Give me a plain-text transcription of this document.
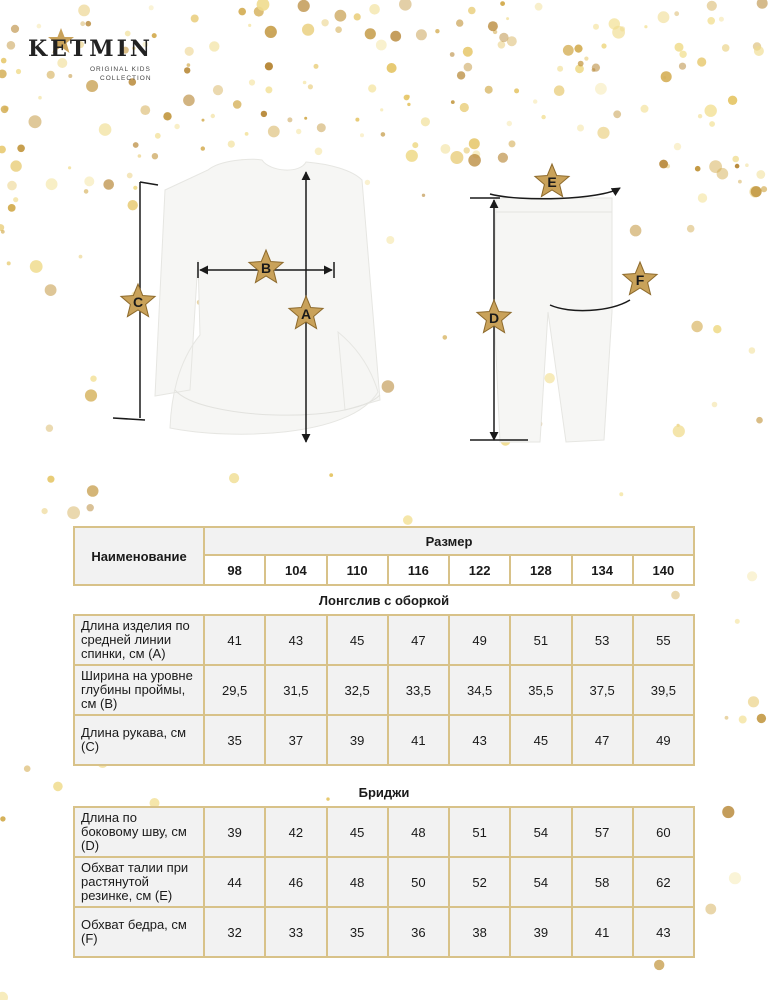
KETMIN
ORIGINAL KIDS
COLLECTION
A
B
C
D
E
F
Наименование	Размер							
	98	104	110	116	122	128	134	140
Лонгслив с оборкой								
Длина изделия по средней линии спинки, см (А)	41	43	45	47	49	51	53	55
Ширина на уровне глубины проймы, см (В)	29,5	31,5	32,5	33,5	34,5	35,5	37,5	39,5
Длина рукава, см (С)	35	37	39	41	43	45	47	49

Бриджи								
Длина по боковому шву, см (D)	39	42	45	48	51	54	57	60
Обхват талии при растянутой резинке, см (Е)	44	46	48	50	52	54	58	62
Обхват бедра, см (F)	32	33	35	36	38	39	41	43
